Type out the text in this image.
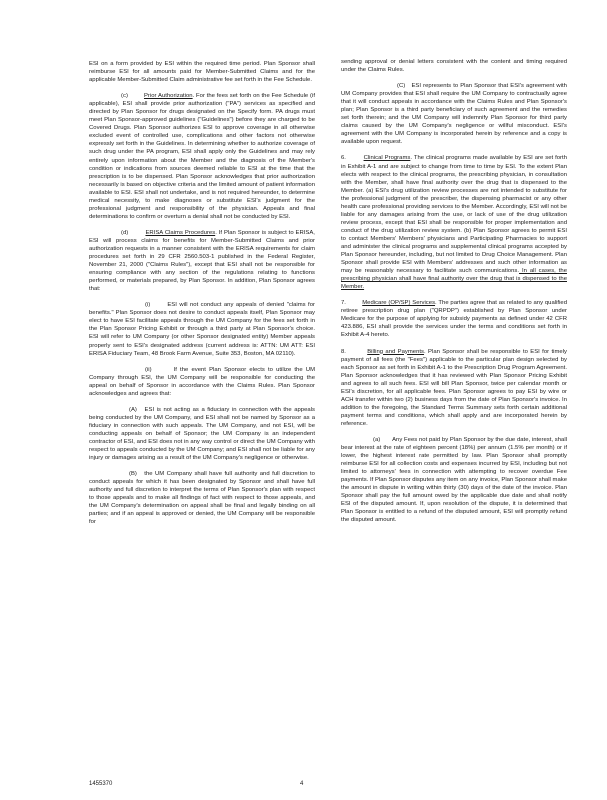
ESI on a form provided by ESI within the required time period. Plan Sponsor shall reimburse ESI for all amounts paid for Member-Submitted Claims and for the applicable Member-Submitted Claim administrative fee set forth in the Fee Schedule.

(c)	Prior Authorization. For the fees set forth on the Fee Schedule (if applicable), ESI shall provide prior authorization ("PA") services as specified and directed by Plan Sponsor for drugs designated on the Specify form. PA drugs must meet Plan Sponsor-approved guidelines ("Guidelines") before they are charged to be Covered Drugs. Plan Sponsor authorizes ESI to approve coverage in all otherwise excluded event of controlled use, complications and other factors not otherwise expressly set forth in the Guidelines. In determining whether to authorize coverage of such drug under the PA program, ESI shall apply only the Guidelines and may rely entirely upon information about the Member and the diagnosis of the Member's condition or indications from sources deemed reliable to ESI at the time that the prescription is to be dispensed. Plan Sponsor acknowledges that prior authorization necessarily is based on objective criteria and the limited amount of patient information available to ESI. ESI shall not undertake, and is not required hereunder, to determine medical necessity, to make diagnoses or substitute ESI's judgment for the professional judgment and responsibility of the physician. Appeals and final determinations to confirm or overturn a denial shall not be conducted by ESI.

(d)	ERISA Claims Procedures. If Plan Sponsor is subject to ERISA, ESI will process claims for benefits for Member-Submitted Claims and prior authorization requests in a manner consistent with the ERISA requirements for claim procedures set forth in 29 CFR 2560.503-1 published in the Federal Register, November 21, 2000 ("Claims Rules"), except that ESI shall not be responsible for ensuring compliance with any section of the regulations relating to functions performed, or materials prepared, by Plan Sponsor. In addition, Plan Sponsor agrees that:

(i)	ESI will not conduct any appeals of denied "claims for benefits." Plan Sponsor does not desire to conduct appeals itself, Plan Sponsor may elect to have ESI facilitate appeals through the UM Company for the fees set forth in the Plan Sponsor Pricing Exhibit or through a third party at Plan Sponsor's choice. ESI will refer to UM Company (or other Sponsor designated entity) Member appeals properly sent to ESI's designated address (current address is: ATTN: UM ATT: ESI ERISA Fiduciary Team, 48 Brook Farm Avenue, Suite 353, Boston, MA 02110).

(ii)	If the event Plan Sponsor elects to utilize the UM Company through ESI, the UM Company will be responsible for conducting the appeal on behalf of Sponsor in accordance with the Claims Rules. Plan Sponsor acknowledges and agrees that:

(A) ESI is not acting as a fiduciary in connection with the appeals being conducted by the UM Company, and ESI shall not be named by Sponsor as a fiduciary in connection with such appeals. The UM Company, and not ESI, will be conducting appeals on behalf of Sponsor; the UM Company is an independent contractor of ESI, and ESI does not in any way control or direct the UM Company with respect to appeals conducted by the UM Company; and ESI shall not be liable for any injury or damages arising as a result of the UM Company's negligence or otherwise.

(B) the UM Company shall have full authority and full discretion to conduct appeals for which it has been designated by Sponsor and shall have full authority and full discretion to interpret the terms of Plan Sponsor's plan with respect to those appeals and to make all findings of fact with respect to those appeals, and the UM Company's determination on appeal shall be final and legally binding on all parties; and if an appeal is approved or denied, the UM Company will be responsible for

sending approval or denial letters consistent with the content and timing required under the Claims Rules.

(C) ESI represents to Plan Sponsor that ESI's agreement with UM Company provides that ESI shall require the UM Company to contractually agree that it will conduct appeals in accordance with the Claims Rules and Plan Sponsor's plan; Plan Sponsor is a third party beneficiary of such agreement and the remedies set forth therein; and the UM Company will indemnify Plan Sponsor for third party claims caused by the UM Company's negligence or willful misconduct. ESI's agreement with the UM Company is incorporated herein by reference and a copy is available upon request.

6.	Clinical Programs. The clinical programs made available by ESI are set forth in Exhibit A-1 and are subject to change from time to time by ESI. To the extent Plan elects with respect to the clinical programs, the prescribing physician, in consultation with the Member, shall have final authority over the drug that is dispensed to the Member. (a) ESI's drug utilization review processes are not intended to substitute for the professional judgment of the prescriber, the dispensing pharmacist or any other health care professional providing services to the Member. Accordingly, ESI will not be liable for any damages arising from the use, or lack of use of the drug utilization review process, except that ESI shall be responsible for proper implementation and conduct of the drug utilization review system. (b) Plan Sponsor agrees to permit ESI to contact Members' Members' physicians and Participating Pharmacies to support and administer the clinical programs and supplemental clinical programs accepted by Plan Sponsor hereunder, including, but not limited to Drug Choice Management. Plan Sponsor shall provide ESI with Members' addresses and such other information as may be reasonably necessary to facilitate such communications. In all cases, the prescribing physician shall have final authority over the drug that is dispensed to the Member.

7.	Medicare (OP/SP) Services. The parties agree that as related to any qualified retiree prescription drug plan ("QRPDP") established by Plan Sponsor under Medicare for the purpose of applying for subsidy payments as defined under 42 CFR 423.886, ESI shall provide the services under the terms and conditions set forth in Exhibit A-4 hereto.

8.	Billing and Payments. Plan Sponsor shall be responsible to ESI for timely payment of all fees (the "Fees") applicable to the particular plan design selected by each Sponsor as set forth in Exhibit A-1 to the Prescription Drug Program Agreement. Plan Sponsor acknowledges that it has reviewed with Plan Sponsor Pricing Exhibit and agrees to all such fees. ESI will bill Plan Sponsor, twice per calendar month or ESI's discretion, for all applicable fees. Plan Sponsor agrees to pay ESI by wire or ACH transfer within two (2) business days from the date of Plan Sponsor's invoice. In addition to the foregoing, the Standard Terms Summary sets forth certain additional payment terms and conditions, which shall apply and are incorporated herein by reference.

(a) Any Fees not paid by Plan Sponsor by the due date, interest, shall bear interest at the rate of eighteen percent (18%) per annum (1.5% per month) or if lower, the highest interest rate permitted by law. Plan Sponsor shall promptly reimburse ESI for all collection costs and expenses incurred by ESI, including but not limited to attorneys' fees in connection with attempting to recover overdue Fee payments. If Plan Sponsor disputes any item on any invoice, Plan Sponsor shall make the amount in dispute in writing within thirty (30) days of the date of the invoice. Plan Sponsor shall pay the full amount owed by the applicable due date and shall notify ESI of the disputed amount. If, upon resolution of the dispute, it is determined that Plan Sponsor is entitled to a refund of the disputed amount, ESI will promptly refund the disputed amount.

1455370	4
